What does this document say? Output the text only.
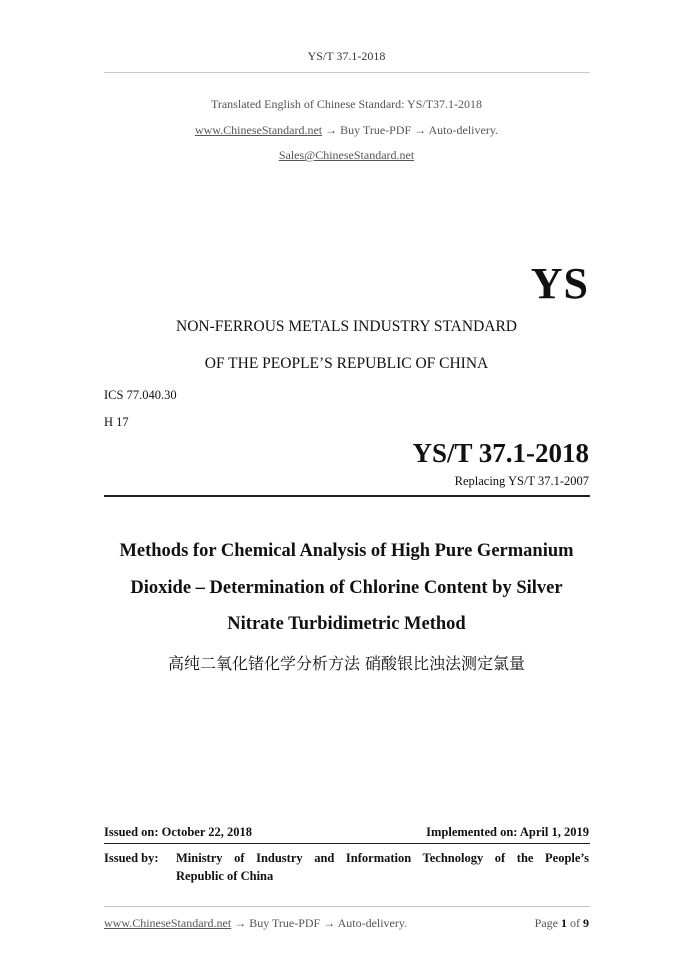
YS/T 37.1-2018
Translated English of Chinese Standard: YS/T37.1-2018
www.ChineseStandard.net → Buy True-PDF → Auto-delivery.
Sales@ChineseStandard.net
YS
NON-FERROUS METALS INDUSTRY STANDARD
OF THE PEOPLE’S REPUBLIC OF CHINA
ICS 77.040.30
H 17
YS/T 37.1-2018
Replacing YS/T 37.1-2007
Methods for Chemical Analysis of High Pure Germanium
Dioxide – Determination of Chlorine Content by Silver
Nitrate Turbidimetric Method
高纯二氧化锗化学分析方法 硝酸银比浊法测定氯量
Issued on: October 22, 2018	Implemented on: April 1, 2019
Issued by: Ministry of Industry and Information Technology of the People’s
Republic of China
www.ChineseStandard.net → Buy True-PDF → Auto-delivery.	Page 1 of 9
